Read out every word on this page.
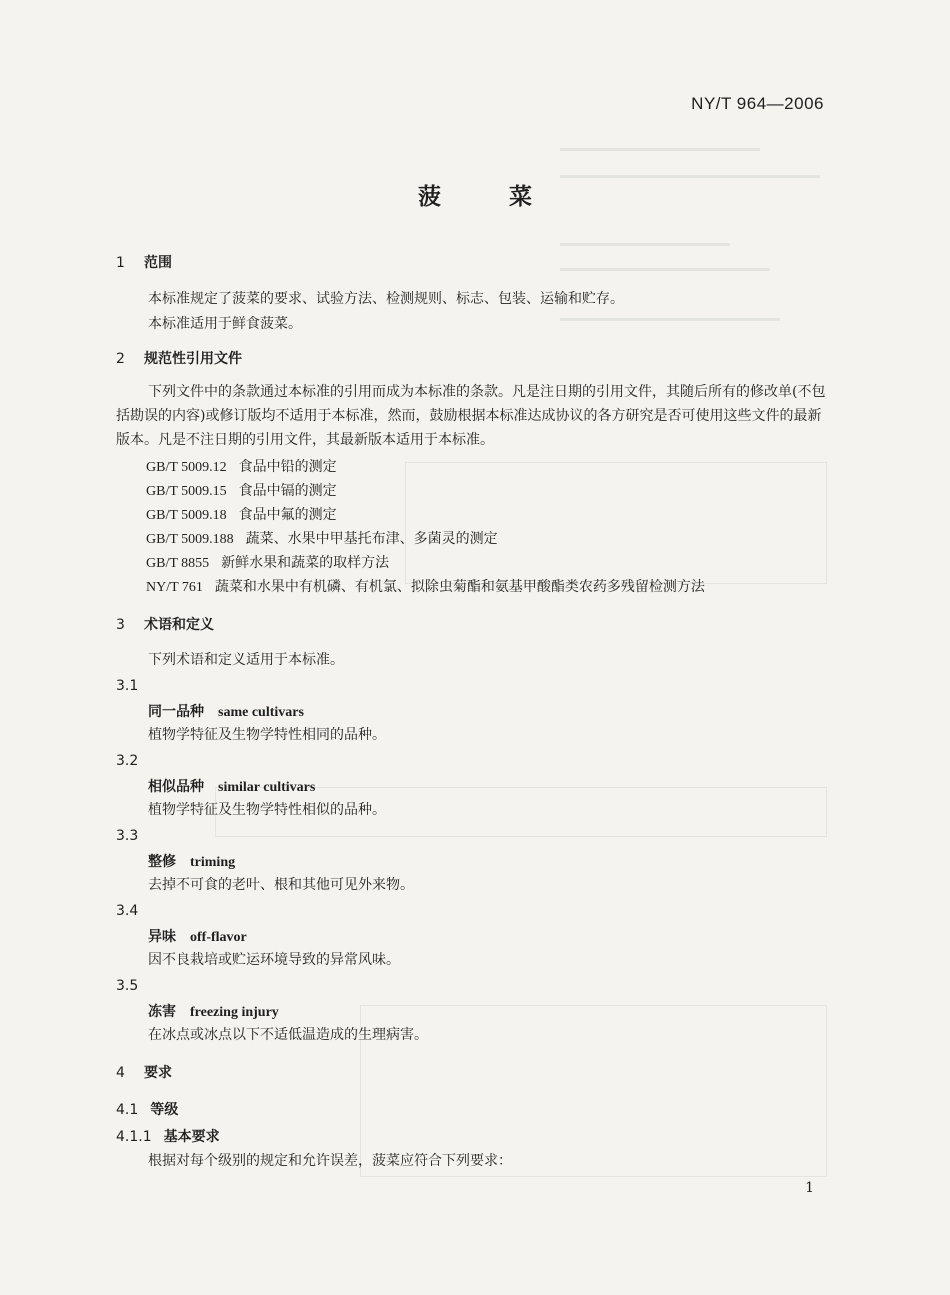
NY/T 964—2006
菠 菜
1 范围
本标准规定了菠菜的要求、试验方法、检测规则、标志、包装、运输和贮存。
本标准适用于鲜食菠菜。
2 规范性引用文件
下列文件中的条款通过本标准的引用而成为本标准的条款。凡是注日期的引用文件，其随后所有的修改单(不包括勘误的内容)或修订版均不适用于本标准，然而，鼓励根据本标准达成协议的各方研究是否可使用这些文件的最新版本。凡是不注日期的引用文件，其最新版本适用于本标准。
GB/T 5009.12 食品中铅的测定
GB/T 5009.15 食品中镉的测定
GB/T 5009.18 食品中氟的测定
GB/T 5009.188 蔬菜、水果中甲基托布津、多菌灵的测定
GB/T 8855 新鲜水果和蔬菜的取样方法
NY/T 761 蔬菜和水果中有机磷、有机氯、拟除虫菊酯和氨基甲酸酯类农药多残留检测方法
3 术语和定义
下列术语和定义适用于本标准。
3.1
同一品种 same cultivars
植物学特征及生物学特性相同的品种。
3.2
相似品种 similar cultivars
植物学特征及生物学特性相似的品种。
3.3
整修 triming
去掉不可食的老叶、根和其他可见外来物。
3.4
异味 off-flavor
因不良栽培或贮运环境导致的异常风味。
3.5
冻害 freezing injury
在冰点或冰点以下不适低温造成的生理病害。
4 要求
4.1 等级
4.1.1 基本要求
根据对每个级别的规定和允许误差，菠菜应符合下列要求：
1
